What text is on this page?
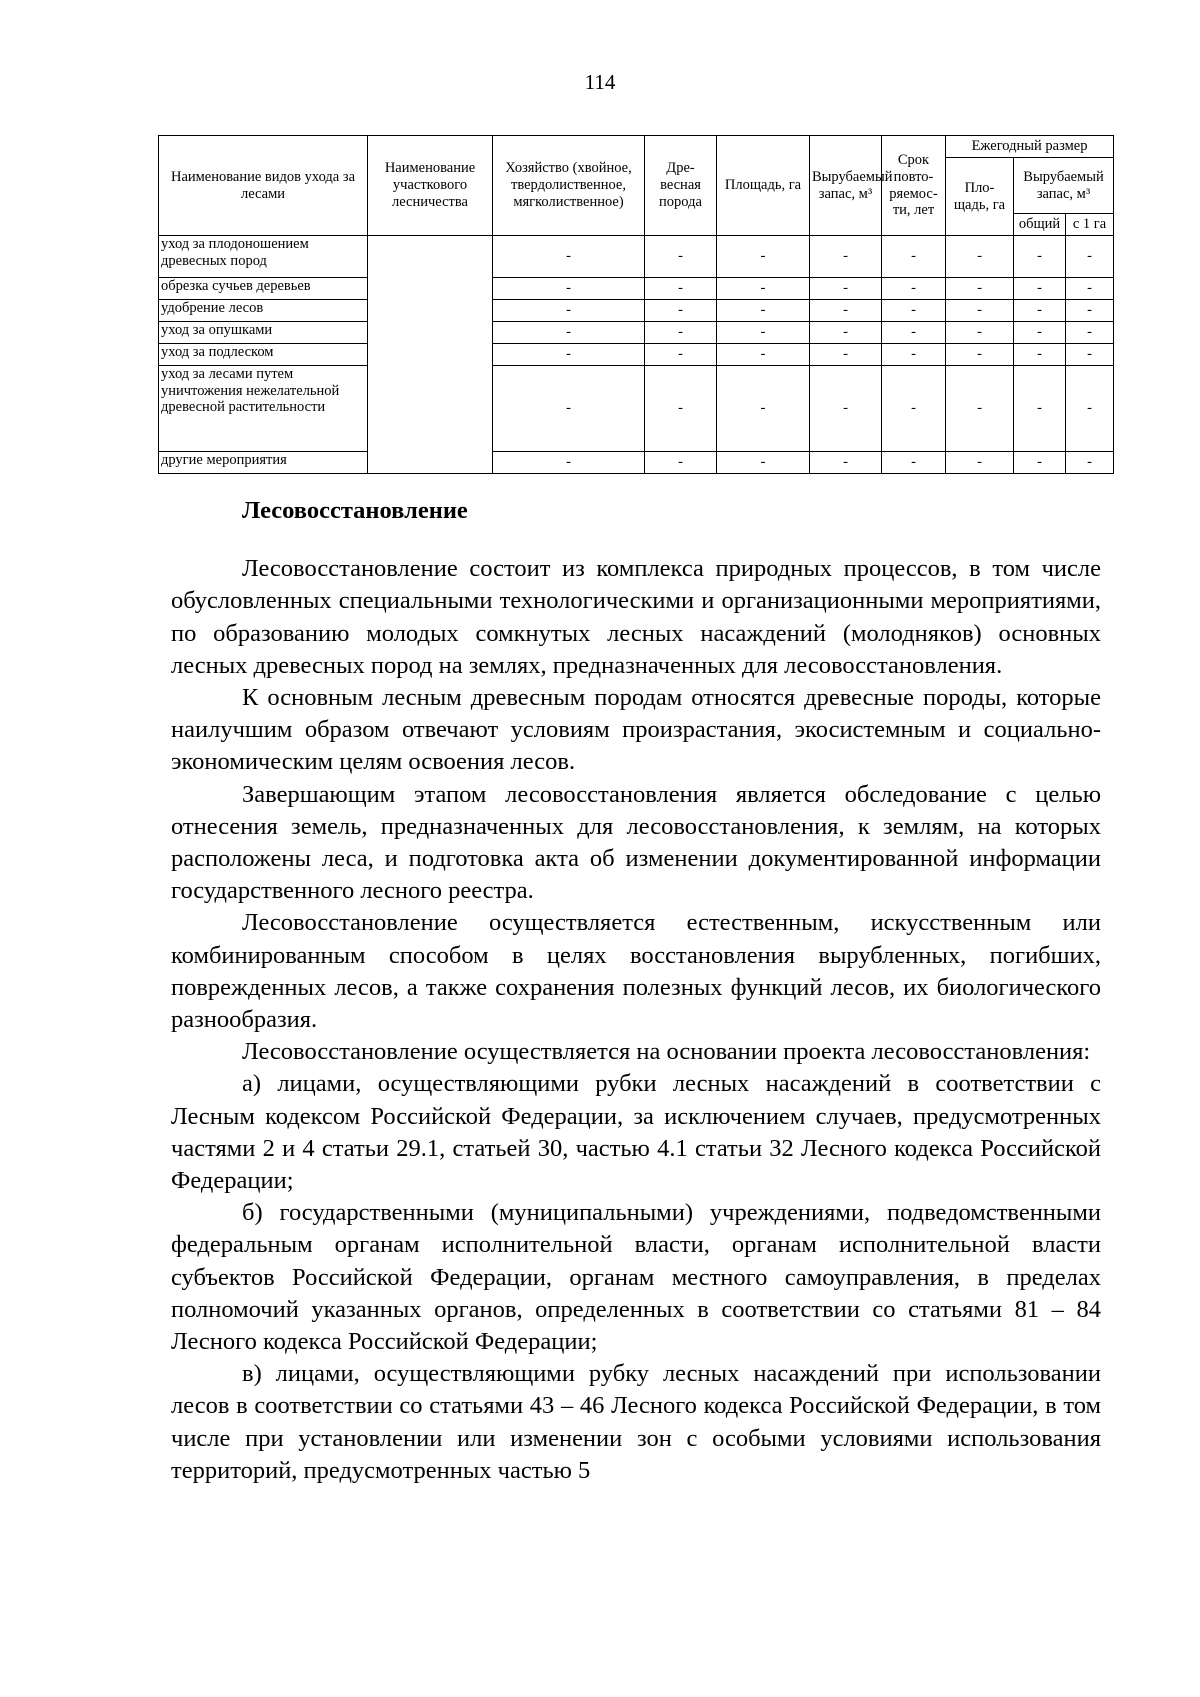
114
Наименование видов ухода за лесами	Наименование участкового лесничества	Хозяйство (хвойное, твердолиственное, мягколиственное)	Дре-весная порода	Площадь, га	Вырубаемый запас, м³	Срок повто-ряемос-ти, лет	Ежегодный размер		
							Пло-щадь, га	Вырубаемый запас, м³	

								общий	с 1 га
уход за плодоношением древесных пород		-	-	-	-	-	-	-	-
обрезка сучьев деревьев		-	-	-	-	-	-	-	-
удобрение лесов		-	-	-	-	-	-	-	-
уход за опушками		-	-	-	-	-	-	-	-
уход за подлеском		-	-	-	-	-	-	-	-
уход за лесами путем уничтожения нежелательной древесной растительности		-	-	-	-	-	-	-	-
другие мероприятия		-	-	-	-	-	-	-	-
Лесовосстановление

Лесовосстановление состоит из комплекса природных процессов, в том числе обусловленных специальными технологическими и организационными мероприятиями, по образованию молодых сомкнутых лесных насаждений (молодняков) основных лесных древесных пород на землях, предназначенных для лесовосстановления.

К основным лесным древесным породам относятся древесные породы, которые наилучшим образом отвечают условиям произрастания, экосистемным и социально-экономическим целям освоения лесов.

Завершающим этапом лесовосстановления является обследование с целью отнесения земель, предназначенных для лесовосстановления, к землям, на которых расположены леса, и подготовка акта об изменении документированной информации государственного лесного реестра.

Лесовосстановление осуществляется естественным, искусственным или комбинированным способом в целях восстановления вырубленных, погибших, поврежденных лесов, а также сохранения полезных функций лесов, их биологического разнообразия.

Лесовосстановление осуществляется на основании проекта лесовосстановления:

а) лицами, осуществляющими рубки лесных насаждений в соответствии с Лесным кодексом Российской Федерации, за исключением случаев, предусмотренных частями 2 и 4 статьи 29.1, статьей 30, частью 4.1 статьи 32 Лесного кодекса Российской Федерации;

б) государственными (муниципальными) учреждениями, подведомственными федеральным органам исполнительной власти, органам исполнительной власти субъектов Российской Федерации, органам местного самоуправления, в пределах полномочий указанных органов, определенных в соответствии со статьями 81 – 84 Лесного кодекса Российской Федерации;

в) лицами, осуществляющими рубку лесных насаждений при использовании лесов в соответствии со статьями 43 – 46 Лесного кодекса Российской Федерации, в том числе при установлении или изменении зон с особыми условиями использования территорий, предусмотренных частью 5
